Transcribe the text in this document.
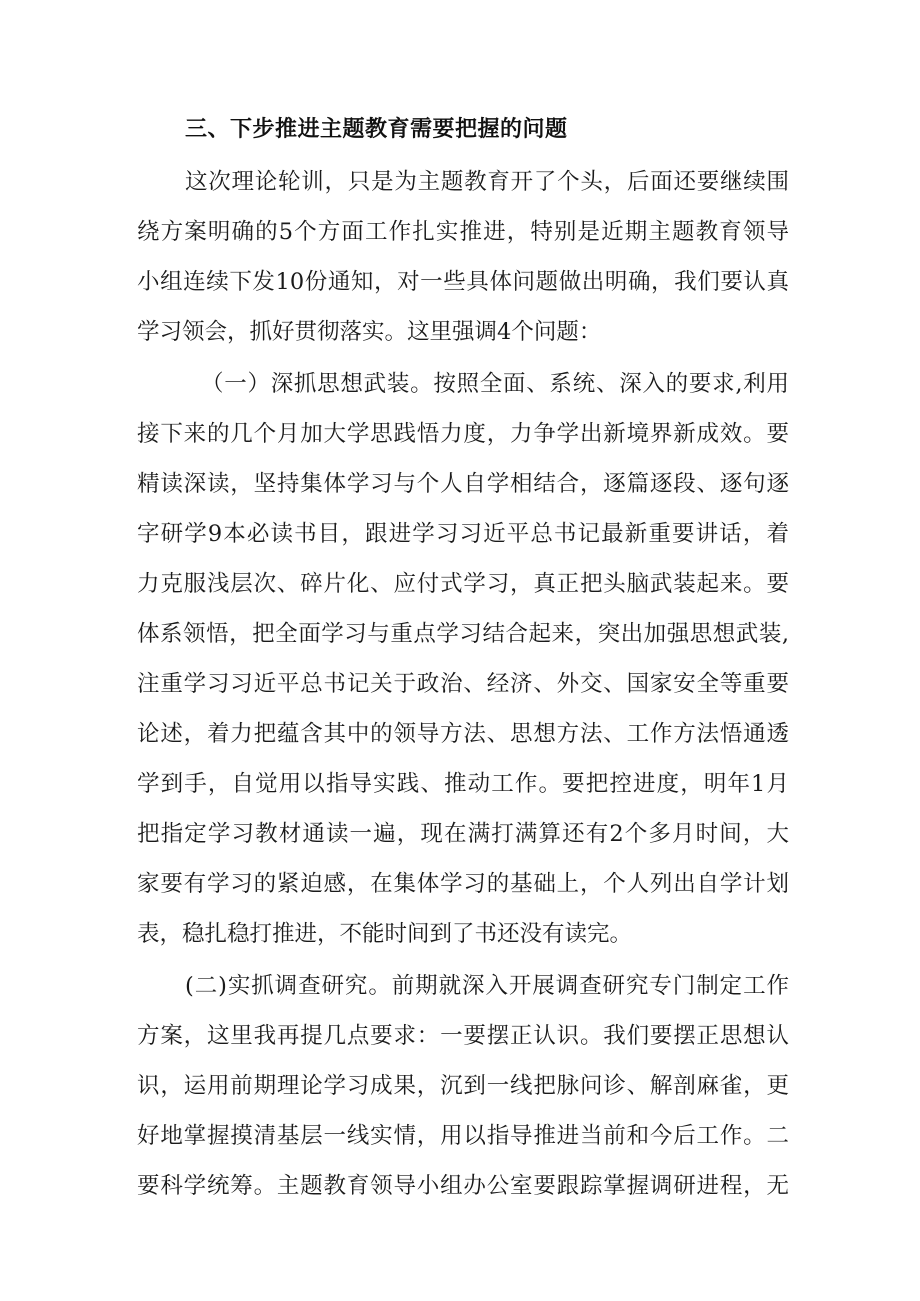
三、下步推进主题教育需要把握的问题
这次理论轮训，只是为主题教育开了个头，后面还要继续围
绕方案明确的5个方面工作扎实推进，特别是近期主题教育领导
小组连续下发10份通知，对一些具体问题做出明确，我们要认真
学习领会，抓好贯彻落实。这里强调4个问题：
（一）深抓思想武装。按照全面、系统、深入的要求,利用
接下来的几个月加大学思践悟力度，力争学出新境界新成效。要
精读深读，坚持集体学习与个人自学相结合，逐篇逐段、逐句逐
字研学9本必读书目，跟进学习习近平总书记最新重要讲话，着
力克服浅层次、碎片化、应付式学习，真正把头脑武装起来。要
体系领悟，把全面学习与重点学习结合起来，突出加强思想武装,
注重学习习近平总书记关于政治、经济、外交、国家安全等重要
论述，着力把蕴含其中的领导方法、思想方法、工作方法悟通透
学到手，自觉用以指导实践、推动工作。要把控进度，明年1月
把指定学习教材通读一遍，现在满打满算还有2个多月时间，大
家要有学习的紧迫感，在集体学习的基础上，个人列出自学计划
表，稳扎稳打推进，不能时间到了书还没有读完。
(二)实抓调查研究。前期就深入开展调查研究专门制定工作
方案，这里我再提几点要求：一要摆正认识。我们要摆正思想认
识，运用前期理论学习成果，沉到一线把脉问诊、解剖麻雀，更
好地掌握摸清基层一线实情，用以指导推进当前和今后工作。二
要科学统筹。主题教育领导小组办公室要跟踪掌握调研进程，无
